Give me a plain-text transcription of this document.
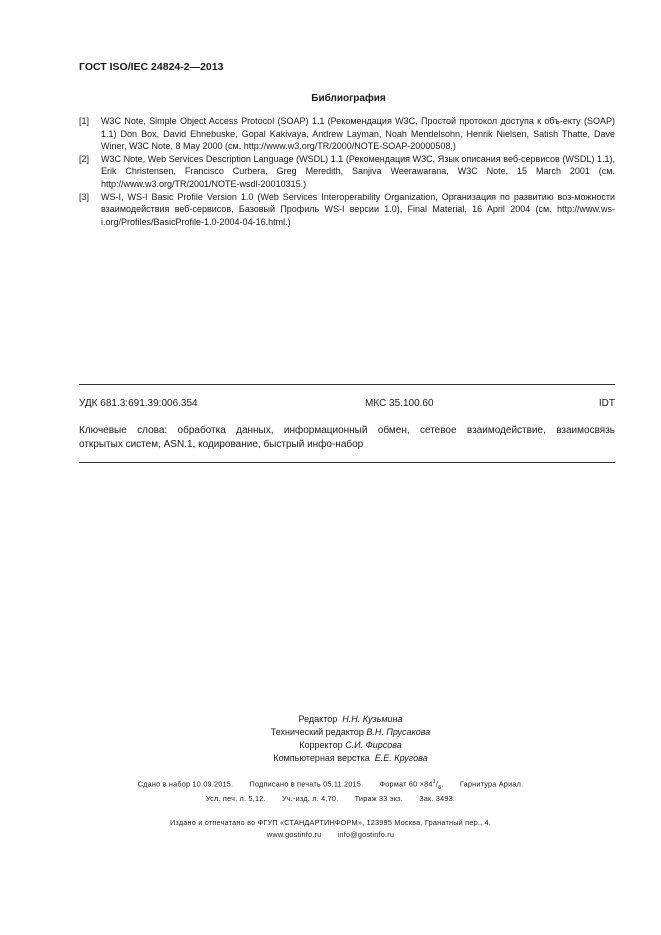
ГОСТ ISO/IEC 24824-2—2013
Библиография
[1]	W3C Note, Simple Object Access Protocol (SOAP) 1.1 (Рекомендация W3C, Простой протокол доступа к объ-екту (SOAP) 1.1) Don Box, David Ehnebuske, Gopal Kakivaya, Andrew Layman, Noah Mendelsohn, Henrik Nielsen, Satish Thatte, Dave Winer, W3C Note, 8 May 2000 (см. http://www.w3.org/TR/2000/NOTE-SOAP-20000508.)
[2]	W3C Note, Web Services Description Language (WSDL) 1.1 (Рекомендация W3C, Язык описания веб-сервисов (WSDL) 1.1), Erik Christensen, Francisco Curbera, Greg Meredith, Sanjiva Weerawarana, W3C Note, 15 March 2001 (см. http://www.w3.org/TR/2001/NOTE-wsdl-20010315.)
[3]	WS-I, WS-I Basic Profile Version 1.0 (Web Services Interoperability Organization, Организация по развитию воз-можности взаимодействия веб-сервисов, Базовый Профиль WS-I версии 1.0), Final Material, 16 April 2004 (см. http://www.ws-i.org/Profiles/BasicProfile-1.0-2004-04-16.html.)
УДК 681.3:691.39:006.354	МКС 35.100.60	IDT
Ключевые слова: обработка данных, информационный обмен, сетевое взаимодействие, взаимосвязь
открытых систем, ASN.1, кодирование, быстрый инфо-набор
Редактор Н.Н. Кузьмина
Технический редактор В.Н. Прусакова
Корректор С.И. Фирсова
Компьютерная верстка Е.Е. Кругова
Сдано в набор 10.09.2015. Подписано в печать 05.11.2015. Формат $60 \times 84^1/_8$. Гарнитура Ариал.
Усл. печ. л. 5,12. Уч.-изд. л. 4,70. Тираж 33 экз. Зак. 3493.
Издано и отпечатано во ФГУП «СТАНДАРТИНФОРМ», 123995 Москва, Гранатный пер., 4.
www.gostinfo.ru info@gostinfo.ru
